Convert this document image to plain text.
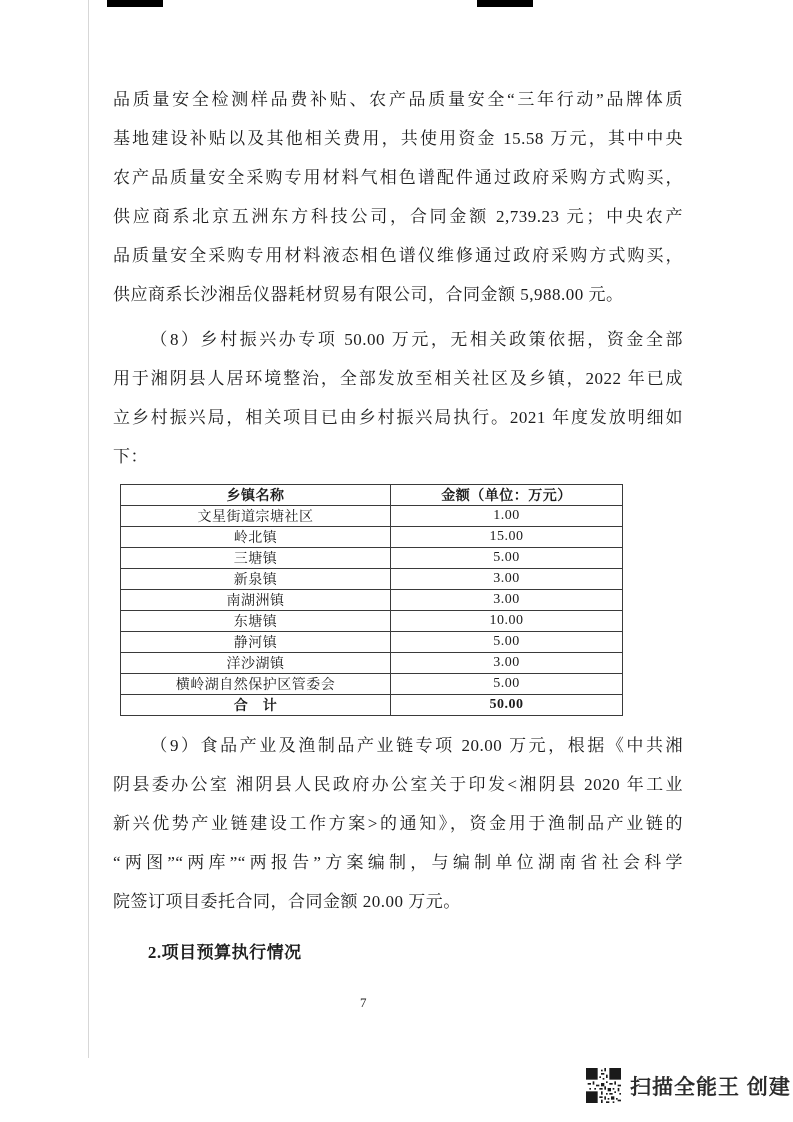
品质量安全检测样品费补贴、农产品质量安全“三年行动”品牌体质
基地建设补贴以及其他相关费用，共使用资金 15.58 万元，其中中央
农产品质量安全采购专用材料气相色谱配件通过政府采购方式购买，
供应商系北京五洲东方科技公司，合同金额 2,739.23 元；中央农产
品质量安全采购专用材料液态相色谱仪维修通过政府采购方式购买，
供应商系长沙湘岳仪器耗材贸易有限公司，合同金额 5,988.00 元。
（8）乡村振兴办专项 50.00 万元，无相关政策依据，资金全部
用于湘阴县人居环境整治，全部发放至相关社区及乡镇，2022 年已成
立乡村振兴局，相关项目已由乡村振兴局执行。2021 年度发放明细如
下：
乡镇名称	金额（单位：万元）
文星街道宗塘社区	1.00
岭北镇	15.00
三塘镇	5.00
新泉镇	3.00
南湖洲镇	3.00
东塘镇	10.00
静河镇	5.00
洋沙湖镇	3.00
横岭湖自然保护区管委会	5.00
合　计	50.00
（9）食品产业及渔制品产业链专项 20.00 万元，根据《中共湘
阴县委办公室 湘阴县人民政府办公室关于印发<湘阴县 2020 年工业
新兴优势产业链建设工作方案>的通知》，资金用于渔制品产业链的
“两图”“两库”“两报告”方案编制，与编制单位湖南省社会科学
院签订项目委托合同，合同金额 20.00 万元。
2.项目预算执行情况
7
扫描全能王 创建
